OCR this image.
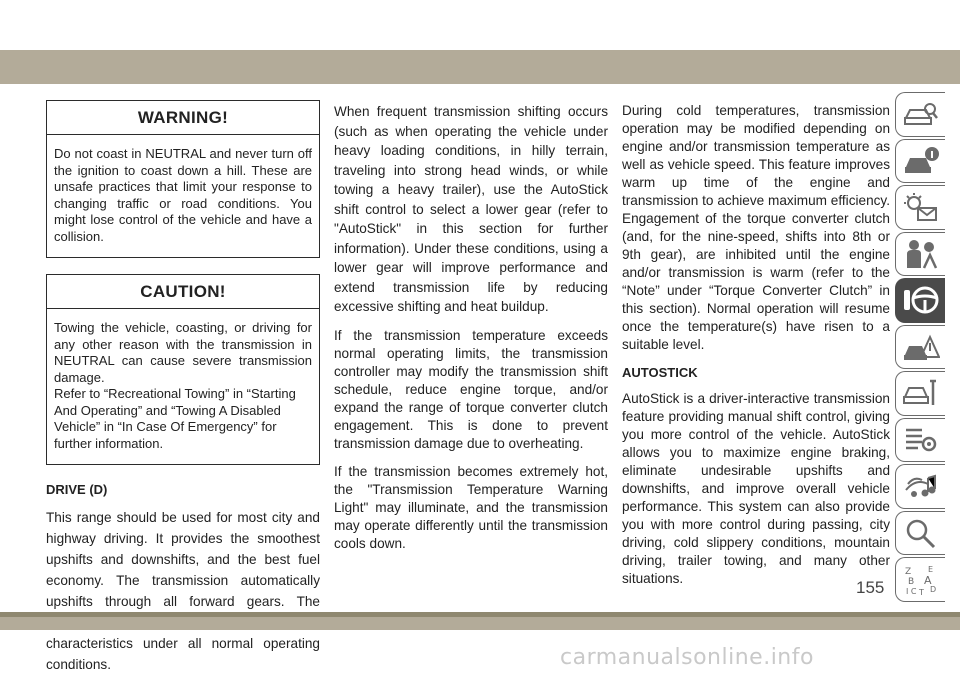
WARNING!

Do not coast in NEUTRAL and never turn off the ignition to coast down a hill. These are unsafe practices that limit your response to changing traffic or road conditions. You might lose control of the vehicle and have a collision.

CAUTION!

Towing the vehicle, coasting, or driving for any other reason with the transmission in NEUTRAL can cause severe transmission damage.

Refer to “Recreational Towing” in “Starting And Operating” and “Towing A Disabled Vehicle” in “In Case Of Emergency” for further information.

DRIVE (D)

This range should be used for most city and highway driving. It provides the smoothest upshifts and downshifts, and the best fuel economy. The transmission automatically upshifts through all forward gears. The characteristics under all normal operating conditions.

When frequent transmission shifting occurs (such as when operating the vehicle under heavy loading conditions, in hilly terrain, traveling into strong head winds, or while towing a heavy trailer), use the AutoStick shift control to select a lower gear (refer to "AutoStick" in this section for further information). Under these conditions, using a lower gear will improve performance and extend transmission life by reducing excessive shifting and heat buildup.

If the transmission temperature exceeds normal operating limits, the transmission controller may modify the transmission shift schedule, reduce engine torque, and/or expand the range of torque converter clutch engagement. This is done to prevent transmission damage due to overheating.

If the transmission becomes extremely hot, the "Transmission Temperature Warning Light" may illuminate, and the transmission may operate differently until the transmission cools down.

During cold temperatures, transmission operation may be modified depending on engine and/or transmission temperature as well as vehicle speed. This feature improves warm up time of the engine and transmission to achieve maximum efficiency. Engagement of the torque converter clutch (and, for the nine-speed, shifts into 8th or 9th gear), are inhibited until the engine and/or transmission is warm (refer to the “Note” under “Torque Converter Clutch” in this section). Normal operation will resume once the temperature(s) have risen to a suitable level.

AUTOSTICK

AutoStick is a driver-interactive transmission feature providing manual shift control, giving you more control of the vehicle. AutoStick allows you to maximize engine braking, eliminate undesirable upshifts and downshifts, and improve overall vehicle performance. This system can also provide you with more control during passing, city driving, cold slippery conditions, mountain driving, trailer towing, and many other situations.	Z E
B A
I C D
T
155
carmanualsonline.info
